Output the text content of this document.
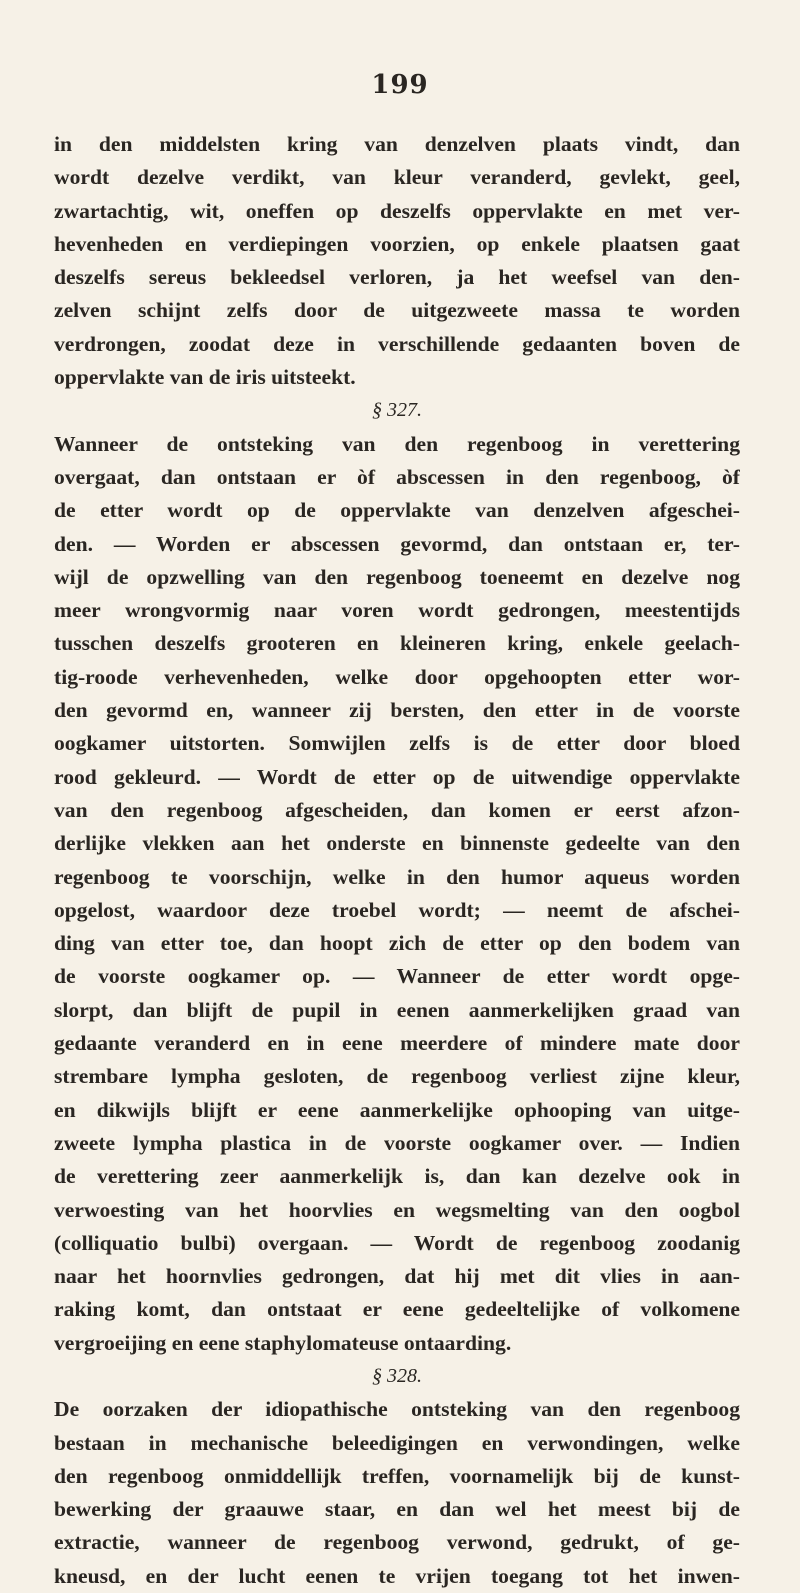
199
in den middelsten kring van denzelven plaats vindt, dan
wordt dezelve verdikt, van kleur veranderd, gevlekt, geel,
zwartachtig, wit, oneffen op deszelfs oppervlakte en met ver-
hevenheden en verdiepingen voorzien, op enkele plaatsen gaat
deszelfs sereus bekleedsel verloren, ja het weefsel van den-
zelven schijnt zelfs door de uitgezweete massa te worden
verdrongen, zoodat deze in verschillende gedaanten boven de
oppervlakte van de iris uitsteekt.
§ 327.
Wanneer de ontsteking van den regenboog in verettering
overgaat, dan ontstaan er òf abscessen in den regenboog, òf
de etter wordt op de oppervlakte van denzelven afgeschei-
den. — Worden er abscessen gevormd, dan ontstaan er, ter-
wijl de opzwelling van den regenboog toeneemt en dezelve nog
meer wrongvormig naar voren wordt gedrongen, meestentijds
tusschen deszelfs grooteren en kleineren kring, enkele geelach-
tig-roode verhevenheden, welke door opgehoopten etter wor-
den gevormd en, wanneer zij bersten, den etter in de voorste
oogkamer uitstorten. Somwijlen zelfs is de etter door bloed
rood gekleurd. — Wordt de etter op de uitwendige oppervlakte
van den regenboog afgescheiden, dan komen er eerst afzon-
derlijke vlekken aan het onderste en binnenste gedeelte van den
regenboog te voorschijn, welke in den humor aqueus worden
opgelost, waardoor deze troebel wordt; — neemt de afschei-
ding van etter toe, dan hoopt zich de etter op den bodem van
de voorste oogkamer op. — Wanneer de etter wordt opge-
slorpt, dan blijft de pupil in eenen aanmerkelijken graad van
gedaante veranderd en in eene meerdere of mindere mate door
strembare lympha gesloten, de regenboog verliest zijne kleur,
en dikwijls blijft er eene aanmerkelijke ophooping van uitge-
zweete lympha plastica in de voorste oogkamer over. — Indien
de verettering zeer aanmerkelijk is, dan kan dezelve ook in
verwoesting van het hoorvlies en wegsmelting van den oogbol
(colliquatio bulbi) overgaan. — Wordt de regenboog zoodanig
naar het hoornvlies gedrongen, dat hij met dit vlies in aan-
raking komt, dan ontstaat er eene gedeeltelijke of volkomene
vergroeijing en eene staphylomateuse ontaarding.
§ 328.
De oorzaken der idiopathische ontsteking van den regenboog
bestaan in mechanische beleedigingen en verwondingen, welke
den regenboog onmiddellijk treffen, voornamelijk bij de kunst-
bewerking der graauwe staar, en dan wel het meest bij de
extractie, wanneer de regenboog verwond, gedrukt, of ge-
kneusd, en der lucht eenen te vrijen toegang tot het inwen-
